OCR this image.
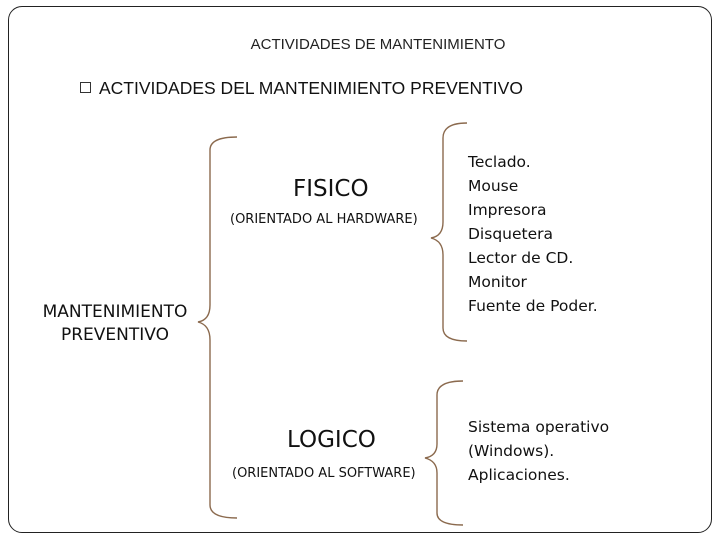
ACTIVIDADES DE MANTENIMIENTO
ACTIVIDADES DEL MANTENIMIENTO PREVENTIVO
MANTENIMIENTO
PREVENTIVO
FISICO
(ORIENTADO AL HARDWARE)
LOGICO
(ORIENTADO AL SOFTWARE)
Teclado.
Mouse
Impresora
Disquetera
Lector de CD.
Monitor
Fuente de Poder.
Sistema operativo
(Windows).
Aplicaciones.
